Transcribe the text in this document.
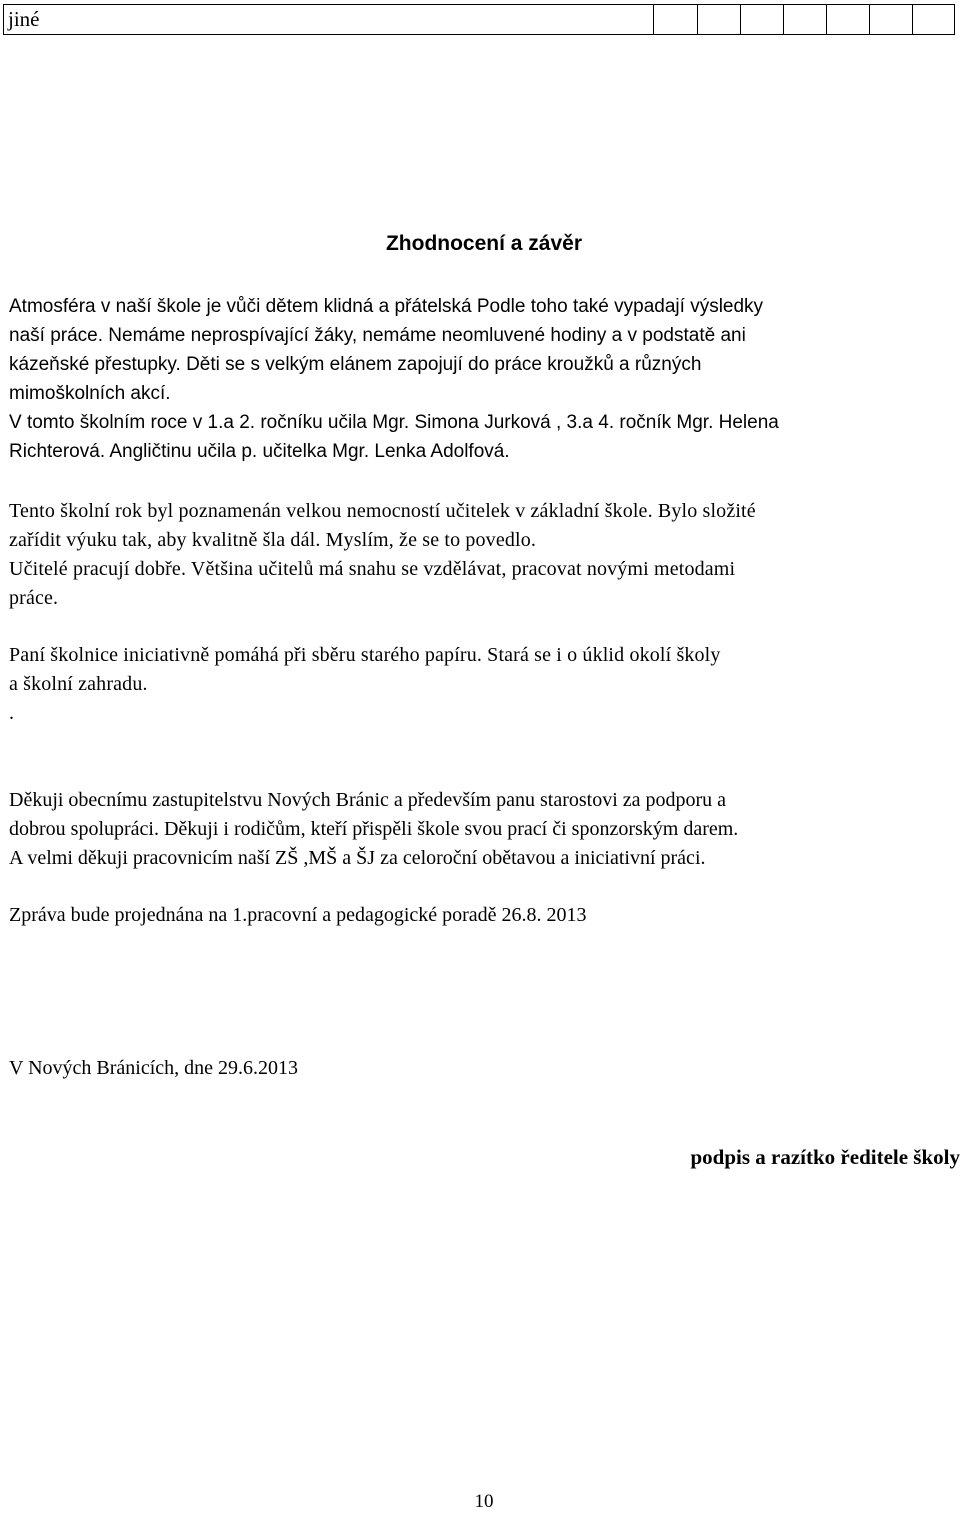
jiné							
Zhodnocení a závěr

Atmosféra v naší škole je vůči dětem klidná a přátelská Podle toho také vypadají výsledky
naší práce. Nemáme neprospívající žáky, nemáme neomluvené hodiny a v podstatě ani
kázeňské přestupky. Děti se s velkým elánem zapojují do práce kroužků a různých
mimoškolních akcí.
V tomto školním roce v 1.a 2. ročníku učila Mgr. Simona Jurková , 3.a 4. ročník Mgr. Helena
Richterová. Angličtinu učila p. učitelka Mgr. Lenka Adolfová.

Tento školní rok byl poznamenán velkou nemocností učitelek v základní škole. Bylo složité
zařídit výuku tak, aby kvalitně šla dál. Myslím, že se to povedlo.
Učitelé pracují dobře. Většina učitelů má snahu se vzdělávat, pracovat novými metodami
práce.

Paní školnice iniciativně pomáhá při sběru starého papíru. Stará se i o úklid okolí školy
a školní zahradu.
.

Děkuji obecnímu zastupitelstvu Nových Bránic a především panu starostovi za podporu a
dobrou spolupráci. Děkuji i rodičům, kteří přispěli škole svou prací či sponzorským darem.
A velmi děkuji pracovnicím naší ZŠ ,MŠ a ŠJ za celoroční obětavou a iniciativní práci.

Zpráva bude projednána na 1.pracovní a pedagogické poradě 26.8. 2013

V Nových Bránicích, dne 29.6.2013

podpis a razítko ředitele školy

10
